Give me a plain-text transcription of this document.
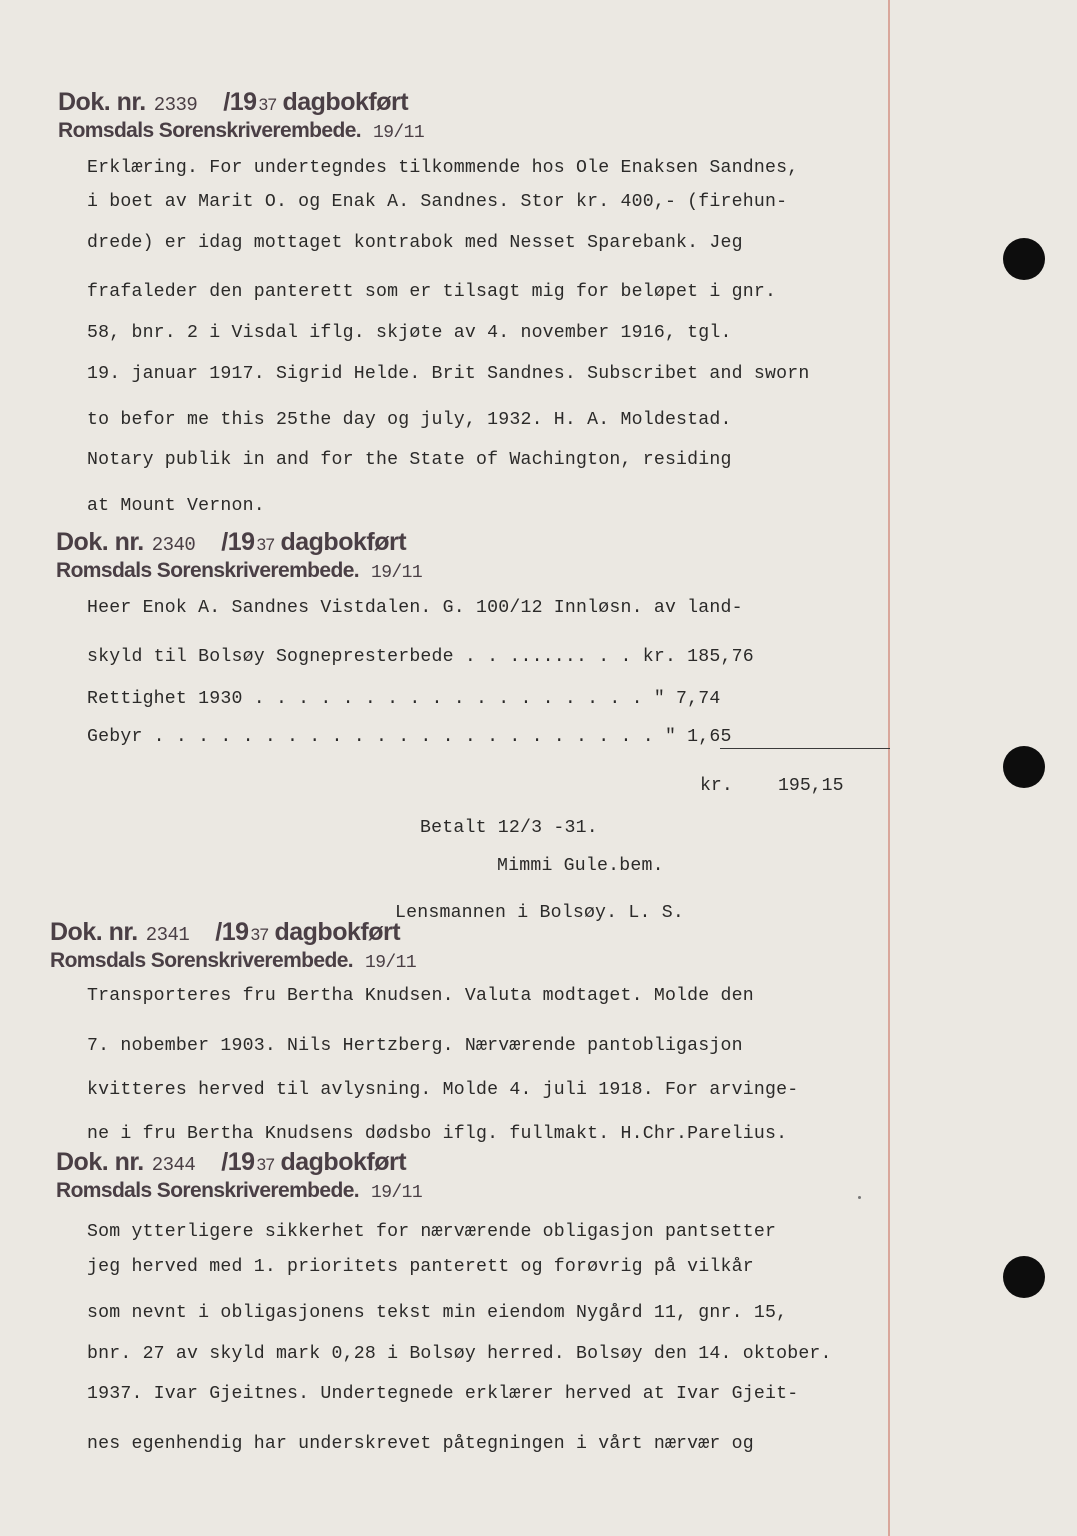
Dok. nr. 2339 /19 37 dagbokført
Romsdals Sorenskriverembede. 19/11
Erklæring. For undertegndes tilkommende hos Ole Enaksen Sandnes,
i boet av Marit O. og Enak A. Sandnes. Stor kr. 400,- (firehun-
drede) er idag mottaget kontrabok med Nesset Sparebank. Jeg
frafaleder den panterett som er tilsagt mig for beløpet i gnr.
58, bnr. 2 i Visdal iflg. skjøte av 4. november 1916, tgl.
19. januar 1917. Sigrid Helde. Brit Sandnes. Subscribet and sworn
to befor me this 25the day og july, 1932. H. A. Moldestad.
Notary publik in and for the State of Wachington, residing
at Mount Vernon.
Dok. nr. 2340 /19 37 dagbokført
Romsdals Sorenskriverembede. 19/11
Heer Enok A. Sandnes Vistdalen. G. 100/12 Innløsn. av land-
skyld til Bolsøy Sognepresterbede . . ....... . . kr. 185,76
Rettighet 1930 . . . . . . . . . . . . . . . . . . " 7,74
Gebyr . . . . . . . . . . . . . . . . . . . . . . . " 1,65
kr. 195,15
Betalt 12/3 -31.
Mimmi Gule.bem.
Lensmannen i Bolsøy. L. S.
Dok. nr. 2341 /19 37 dagbokført
Romsdals Sorenskriverembede. 19/11
Transporteres fru Bertha Knudsen. Valuta modtaget. Molde den
7. nobember 1903. Nils Hertzberg. Nærværende pantobligasjon
kvitteres herved til avlysning. Molde 4. juli 1918. For arvinge-
ne i fru Bertha Knudsens dødsbo iflg. fullmakt. H.Chr.Parelius.
Dok. nr. 2344 /19 37 dagbokført
Romsdals Sorenskriverembede. 19/11
Som ytterligere sikkerhet for nærværende obligasjon pantsetter
jeg herved med 1. prioritets panterett og forøvrig på vilkår
som nevnt i obligasjonens tekst min eiendom Nygård 11, gnr. 15,
bnr. 27 av skyld mark 0,28 i Bolsøy herred. Bolsøy den 14. oktober.
1937. Ivar Gjeitnes. Undertegnede erklærer herved at Ivar Gjeit-
nes egenhendig har underskrevet påtegningen i vårt nærvær og
